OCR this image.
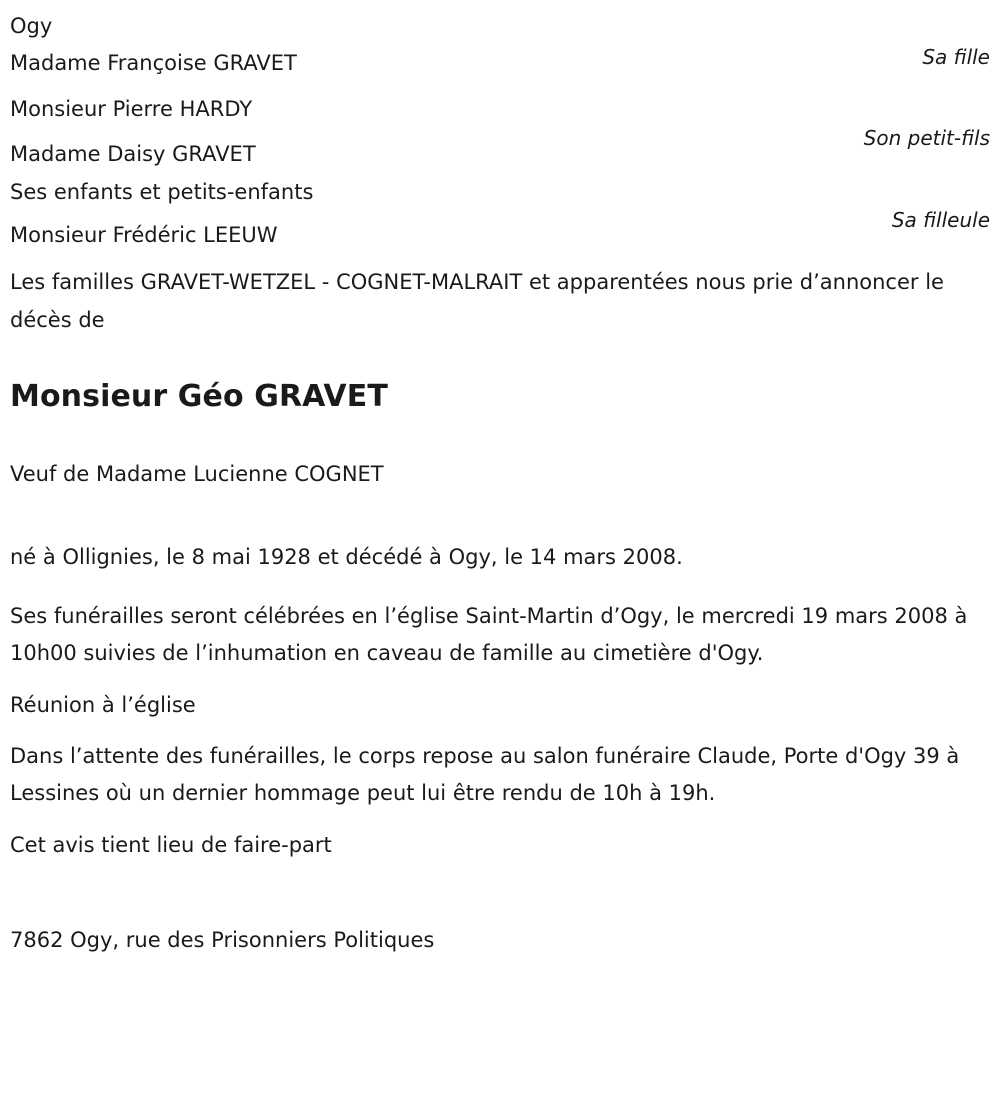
Ogy
Madame Françoise GRAVET	Sa fille
Monsieur Pierre HARDY
Son petit-fils
Madame Daisy GRAVET
Ses enfants et petits-enfants
Sa filleule
Monsieur Frédéric LEEUW

Les familles GRAVET-WETZEL - COGNET-MALRAIT et apparentées nous prie d’annoncer le décès de

Monsieur Géo GRAVET

Veuf de Madame Lucienne COGNET

né à Ollignies, le 8 mai 1928 et décédé à Ogy, le 14 mars 2008.

Ses funérailles seront célébrées en l’église Saint-Martin d’Ogy, le mercredi 19 mars 2008 à 10h00 suivies de l’inhumation en caveau de famille au cimetière d'Ogy.

Réunion à l’église

Dans l’attente des funérailles, le corps repose au salon funéraire Claude, Porte d'Ogy 39 à Lessines où un dernier hommage peut lui être rendu de 10h à 19h.

Cet avis tient lieu de faire-part

7862 Ogy, rue des Prisonniers Politiques
